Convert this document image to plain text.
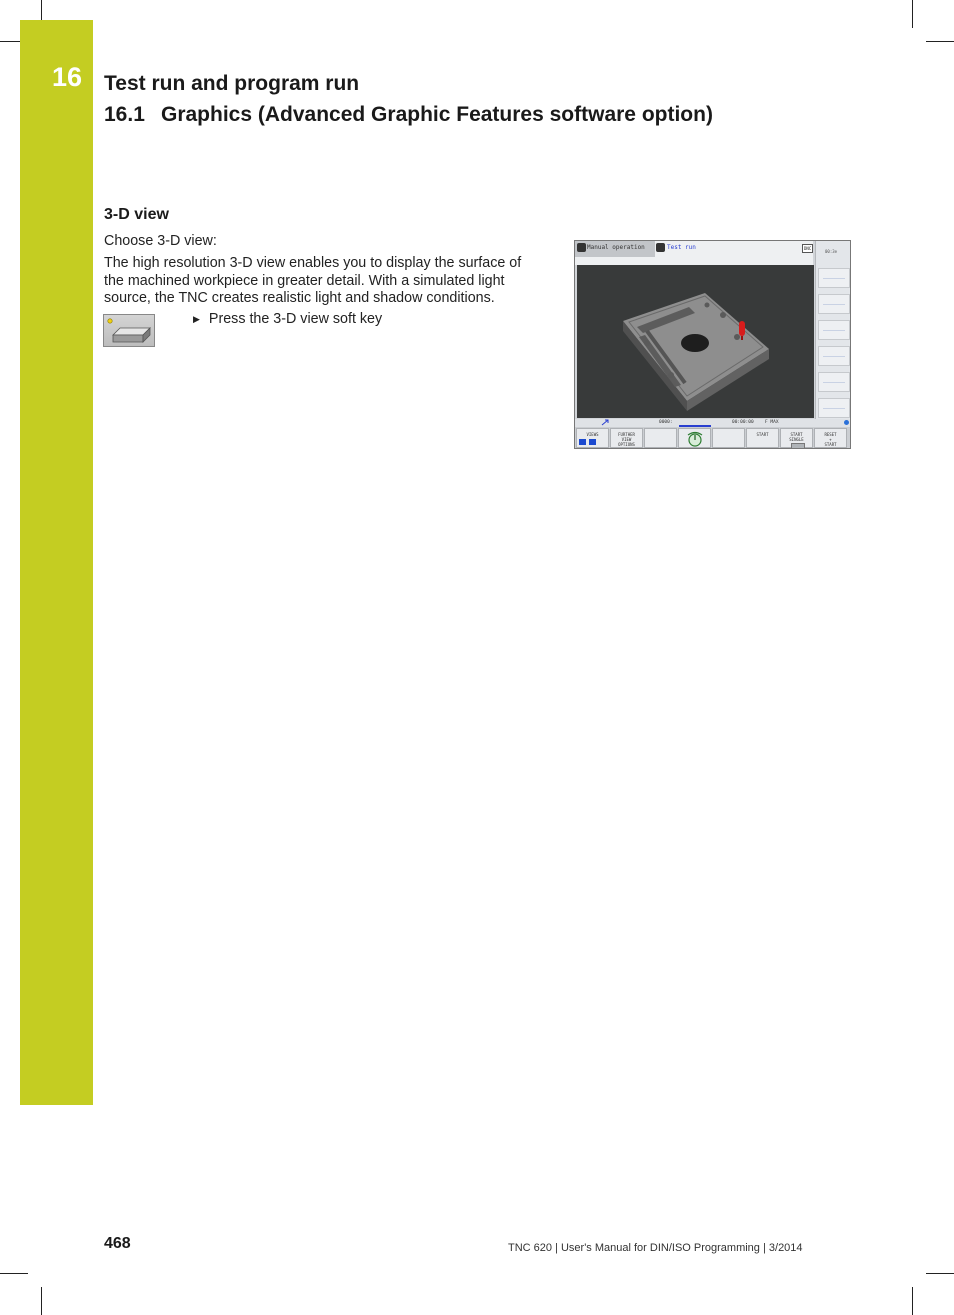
16 Test run and program run
16.1 Graphics (Advanced Graphic Features software option)
3-D view
Choose 3-D view:
The high resolution 3-D view enables you to display the surface of
the machined workpiece in greater detail. With a simulated light
source, the TNC creates realistic light and shadow conditions.
▶ Press the 3-D view soft key
Manual operation	Test run	DNC
00:3e
0000:	00:00:00	F MAX
VIEWS	FURTHER
VIEW
OPTIONS
START	START
SINGLE
RESET
+
START
468	TNC 620 | User's Manual for DIN/ISO Programming | 3/2014
